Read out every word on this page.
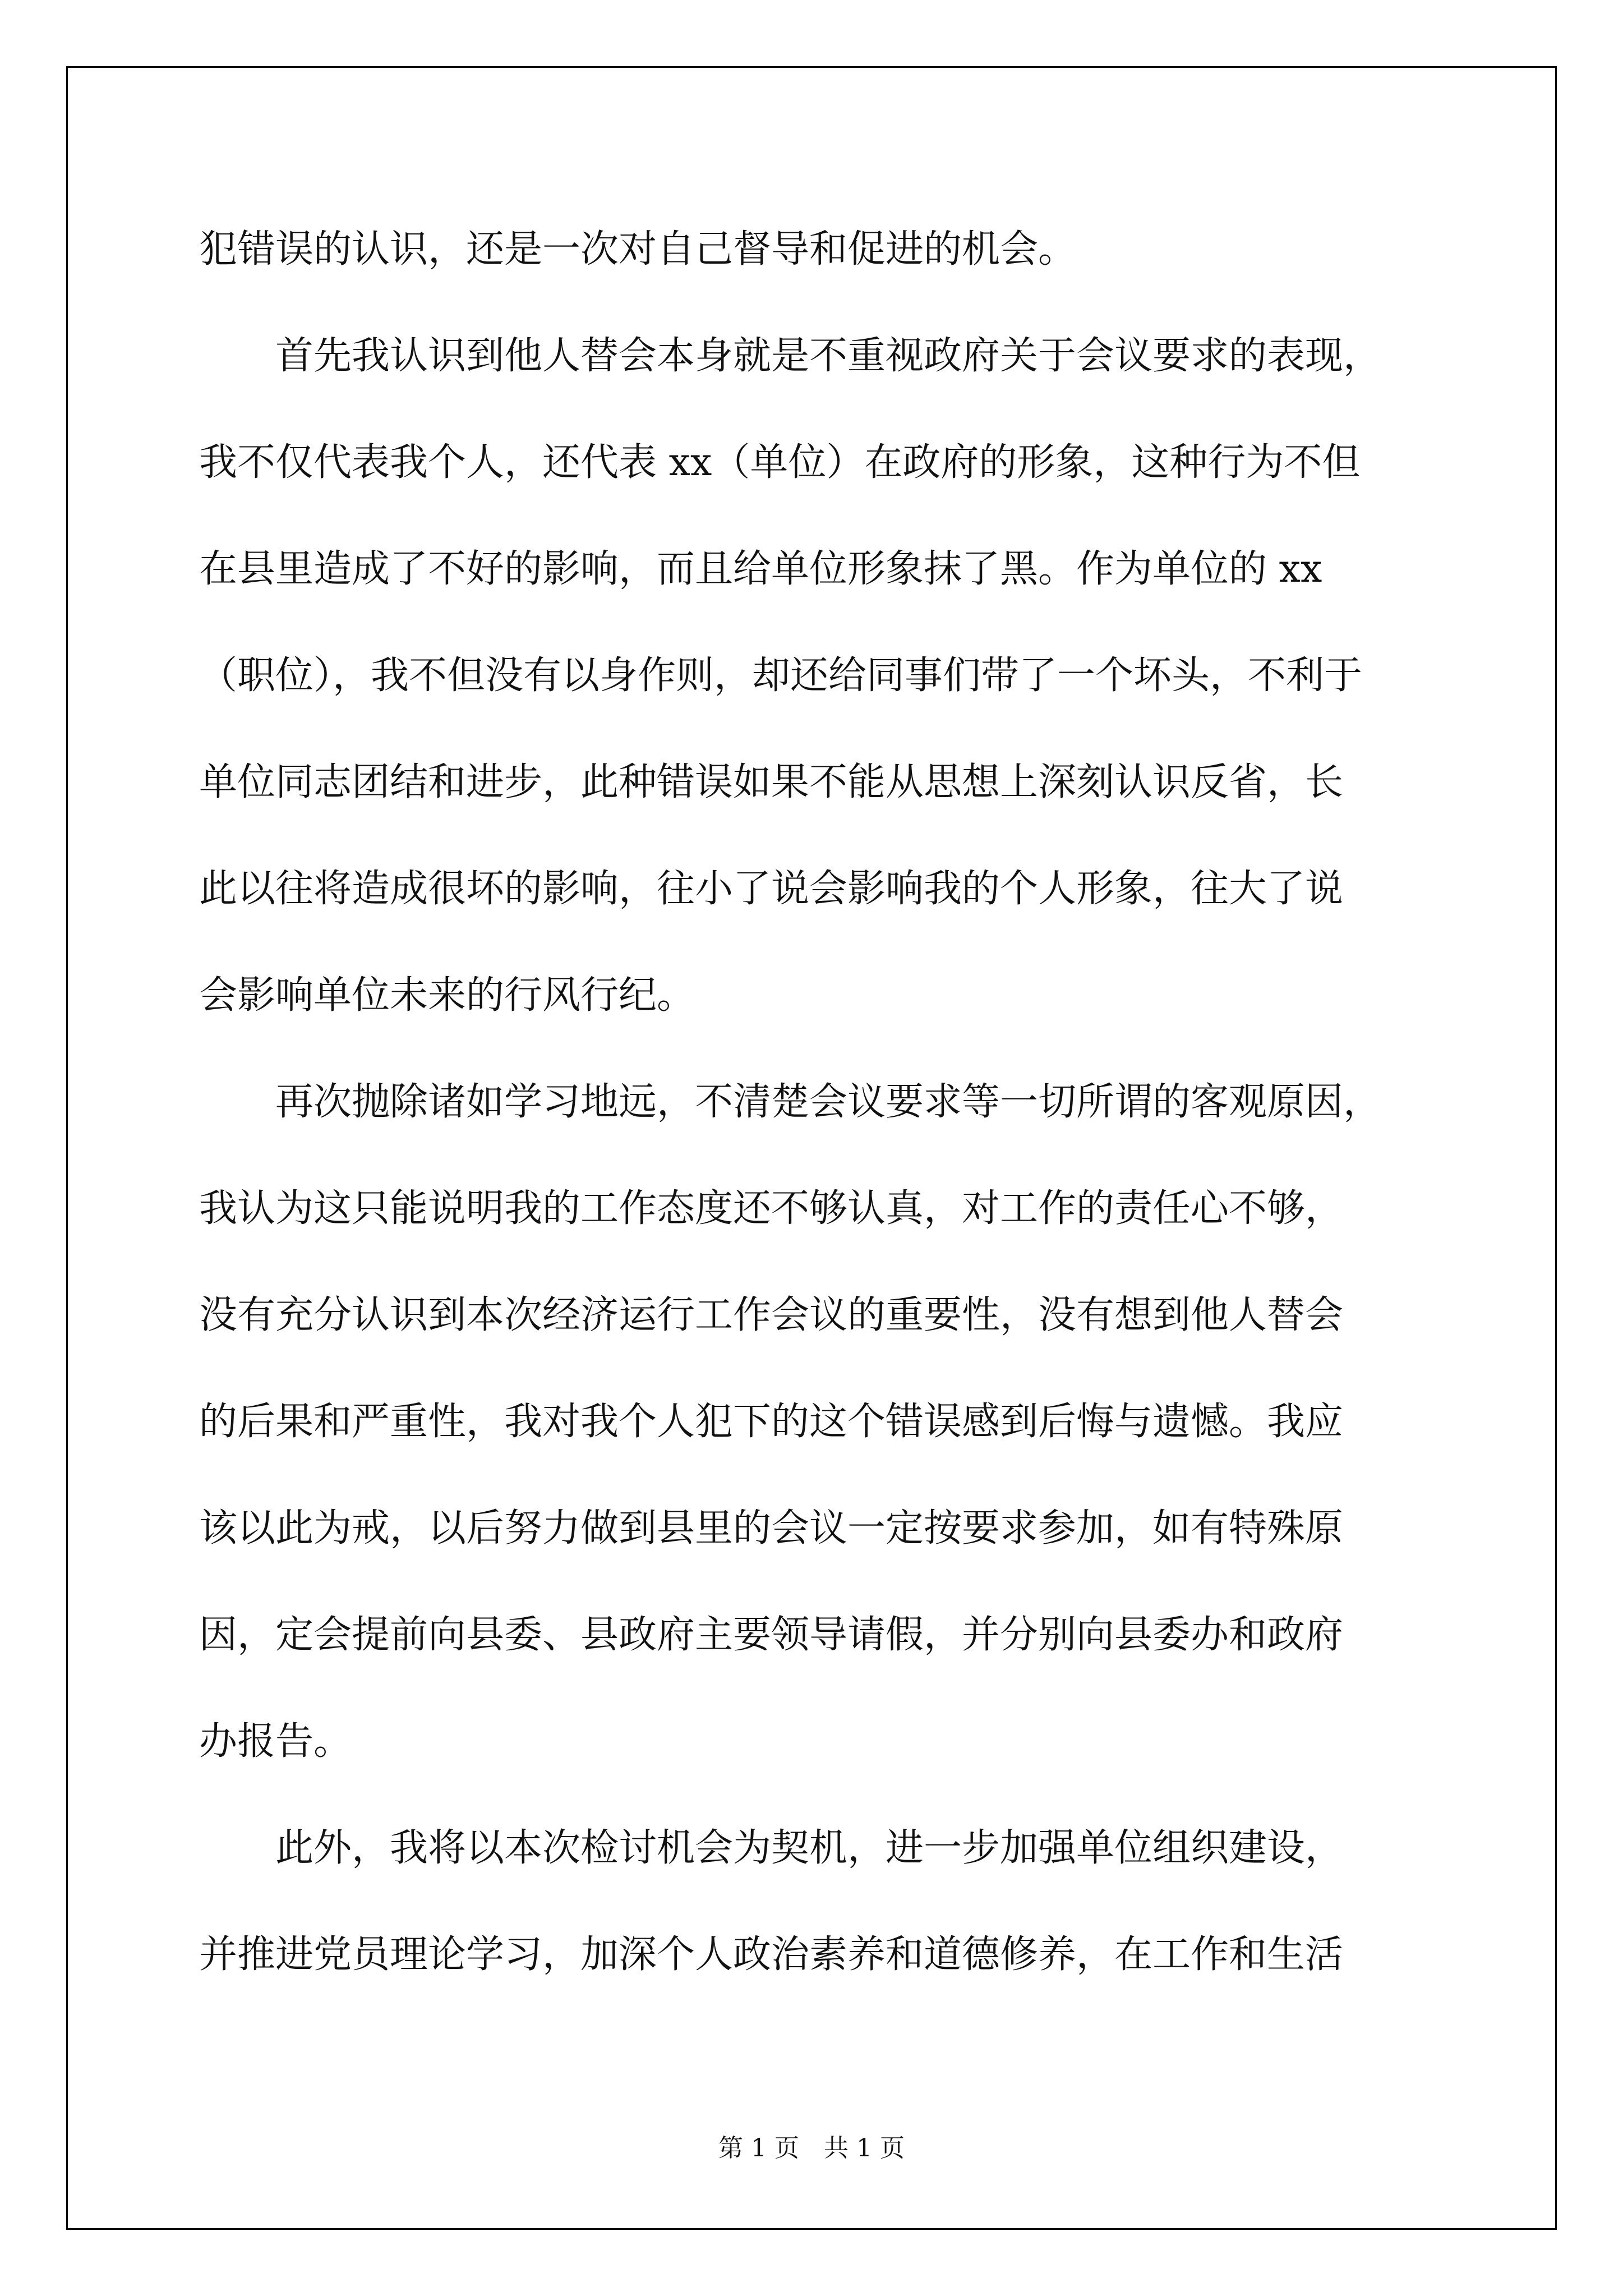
犯错误的认识，还是一次对自己督导和促进的机会。

　　首先我认识到他人替会本身就是不重视政府关于会议要求的表现，

我不仅代表我个人，还代表 xx（单位）在政府的形象，这种行为不但

在县里造成了不好的影响，而且给单位形象抹了黑。作为单位的 xx

（职位），我不但没有以身作则，却还给同事们带了一个坏头，不利于

单位同志团结和进步，此种错误如果不能从思想上深刻认识反省，长

此以往将造成很坏的影响，往小了说会影响我的个人形象，往大了说

会影响单位未来的行风行纪。

　　再次抛除诸如学习地远，不清楚会议要求等一切所谓的客观原因，

我认为这只能说明我的工作态度还不够认真，对工作的责任心不够，

没有充分认识到本次经济运行工作会议的重要性，没有想到他人替会

的后果和严重性，我对我个人犯下的这个错误感到后悔与遗憾。我应

该以此为戒，以后努力做到县里的会议一定按要求参加，如有特殊原

因，定会提前向县委、县政府主要领导请假，并分别向县委办和政府

办报告。

　　此外，我将以本次检讨机会为契机，进一步加强单位组织建设，

并推进党员理论学习，加深个人政治素养和道德修养，在工作和生活

第 1 页　共 1 页
